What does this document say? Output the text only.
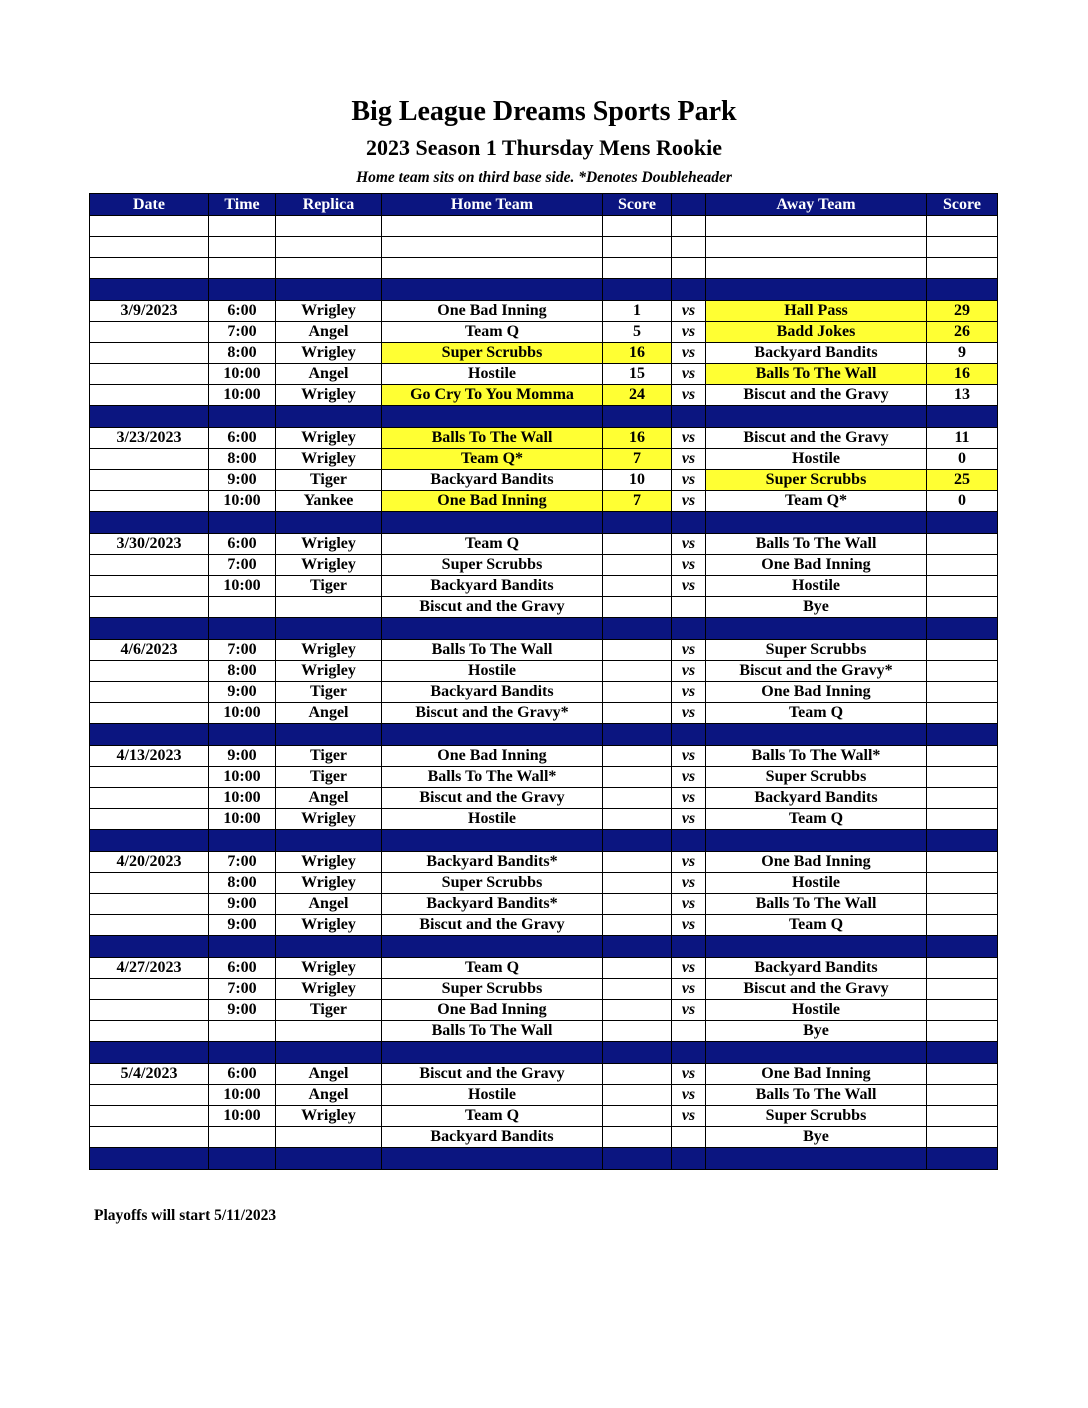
Big League Dreams Sports Park
2023 Season 1 Thursday Mens Rookie
Home team sits on third base side. *Denotes Doubleheader
Date	Time	Replica	Home Team	Score		Away Team	Score

3/9/2023	6:00	Wrigley	One Bad Inning	1	vs	Hall Pass	29
	7:00	Angel	Team Q	5	vs	Badd Jokes	26
	8:00	Wrigley	Super Scrubbs	16	vs	Backyard Bandits	9
	10:00	Angel	Hostile	15	vs	Balls To The Wall	16
	10:00	Wrigley	Go Cry To You Momma	24	vs	Biscut and the Gravy	13

3/23/2023	6:00	Wrigley	Balls To The Wall	16	vs	Biscut and the Gravy	11
	8:00	Wrigley	Team Q*	7	vs	Hostile	0
	9:00	Tiger	Backyard Bandits	10	vs	Super Scrubbs	25
	10:00	Yankee	One Bad Inning	7	vs	Team Q*	0

3/30/2023	6:00	Wrigley	Team Q		vs	Balls To The Wall	
	7:00	Wrigley	Super Scrubbs		vs	One Bad Inning	
	10:00	Tiger	Backyard Bandits		vs	Hostile	
			Biscut and the Gravy			Bye	

4/6/2023	7:00	Wrigley	Balls To The Wall		vs	Super Scrubbs	
	8:00	Wrigley	Hostile		vs	Biscut and the Gravy*	
	9:00	Tiger	Backyard Bandits		vs	One Bad Inning	
	10:00	Angel	Biscut and the Gravy*		vs	Team Q	

4/13/2023	9:00	Tiger	One Bad Inning		vs	Balls To The Wall*	
	10:00	Tiger	Balls To The Wall*		vs	Super Scrubbs	
	10:00	Angel	Biscut and the Gravy		vs	Backyard Bandits	
	10:00	Wrigley	Hostile		vs	Team Q	

4/20/2023	7:00	Wrigley	Backyard Bandits*		vs	One Bad Inning	
	8:00	Wrigley	Super Scrubbs		vs	Hostile	
	9:00	Angel	Backyard Bandits*		vs	Balls To The Wall	
	9:00	Wrigley	Biscut and the Gravy		vs	Team Q	

4/27/2023	6:00	Wrigley	Team Q		vs	Backyard Bandits	
	7:00	Wrigley	Super Scrubbs		vs	Biscut and the Gravy	
	9:00	Tiger	One Bad Inning		vs	Hostile	
			Balls To The Wall			Bye	

5/4/2023	6:00	Angel	Biscut and the Gravy		vs	One Bad Inning	
	10:00	Angel	Hostile		vs	Balls To The Wall	
	10:00	Wrigley	Team Q		vs	Super Scrubbs	
			Backyard Bandits			Bye	

Playoffs will start 5/11/2023
